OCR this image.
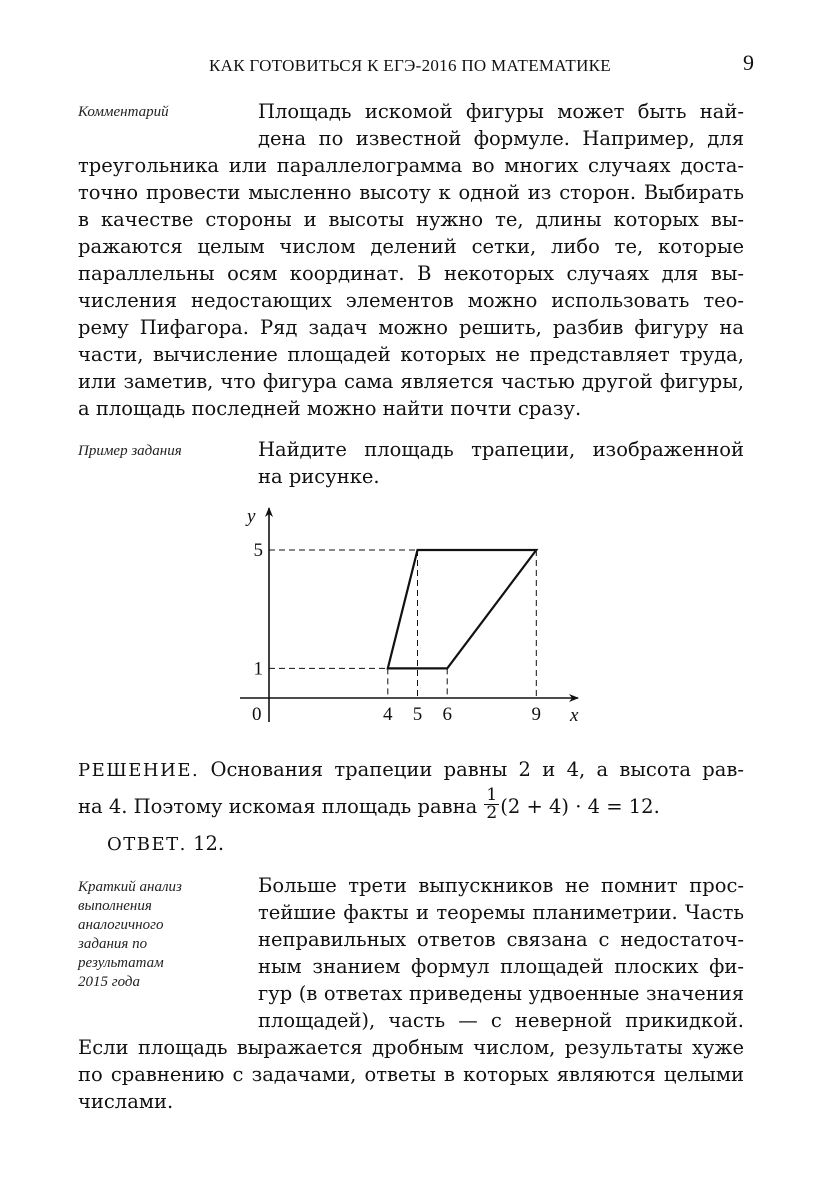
КАК ГОТОВИТЬСЯ К ЕГЭ-2016 ПО МАТЕМАТИКЕ	9
Комментарий	Площадь искомой фигуры может быть най-
дена по известной формуле. Например, для
треугольника или параллелограмма во многих случаях доста-
точно провести мысленно высоту к одной из сторон. Выбирать
в качестве стороны и высоты нужно те, длины которых вы-
ражаются целым числом делений сетки, либо те, которые
параллельны осям координат. В некоторых случаях для вы-
числения недостающих элементов можно использовать тео-
рему Пифагора. Ряд задач можно решить, разбив фигуру на
части, вычисление площадей которых не представляет труда,
или заметив, что фигура сама является частью другой фигуры,
а площадь последней можно найти почти сразу.
Пример задания	Найдите площадь трапеции, изображенной
на рисунке.
y
x
0
1
5
4 5 6	9
РЕШЕНИЕ. Основания трапеции равны 2 и 4, а высота рав-
на 4. Поэтому искомая площадь равна $\frac{1}{2} (2 + 4) \cdot 4 = 12$.
ОТВЕТ. 12.
Краткий анализ
выполнения
аналогичного
задания по
результатам
2015 года
Больше трети выпускников не помнит прос-
тейшие факты и теоремы планиметрии. Часть
неправильных ответов связана с недостаточ-
ным знанием формул площадей плоских фи-
гур (в ответах приведены удвоенные значения
площадей), часть — с неверной прикидкой.
Если площадь выражается дробным числом, результаты хуже
по сравнению с задачами, ответы в которых являются целыми
числами.
